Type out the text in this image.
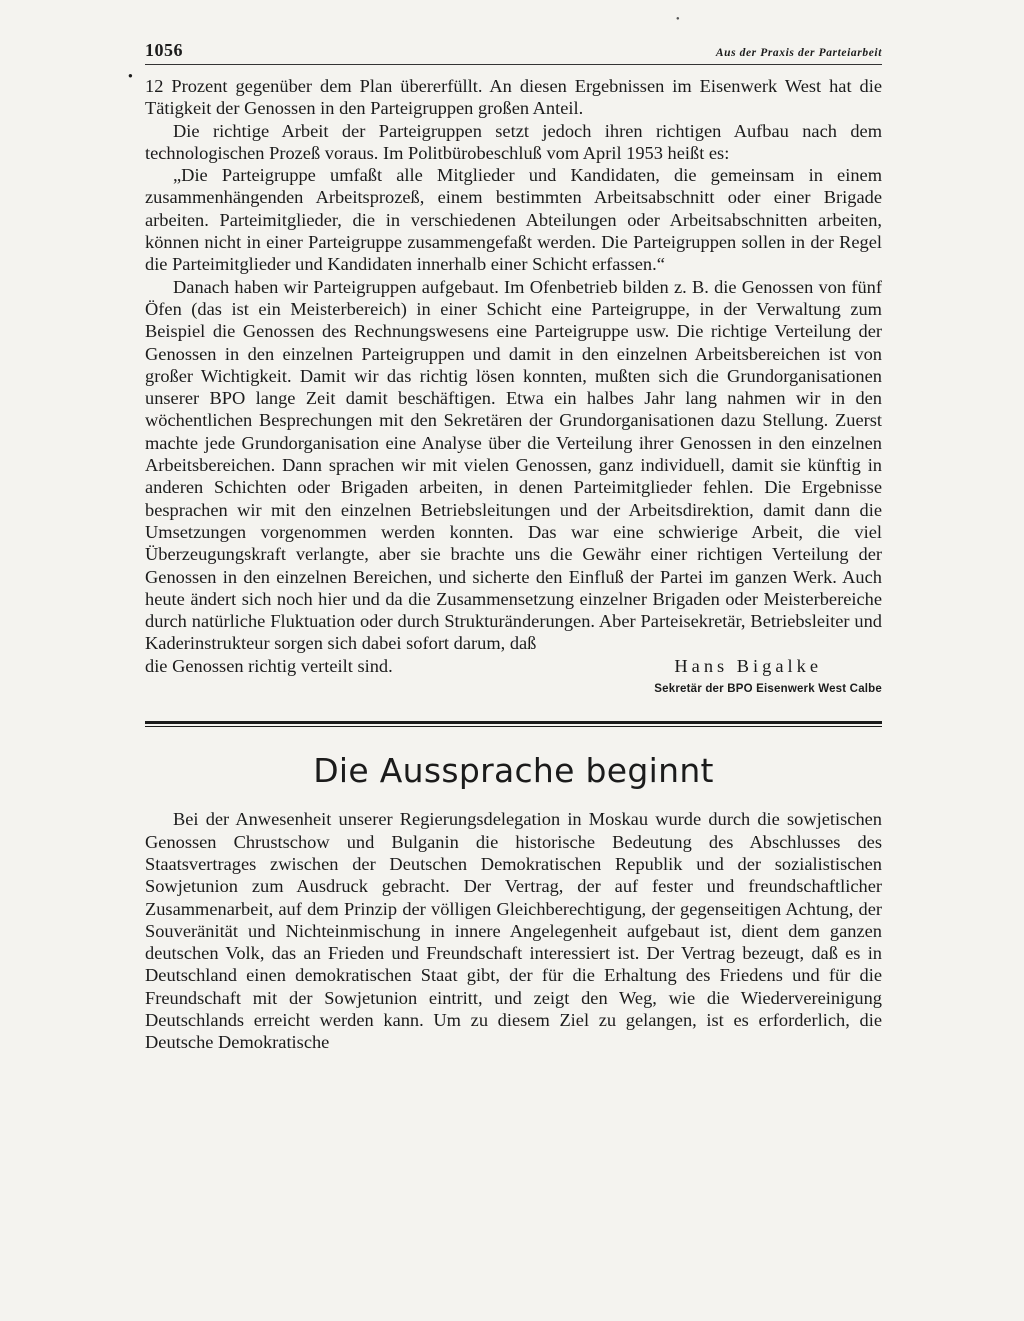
●
●
1056	Aus der Praxis der Parteiarbeit

12 Prozent gegenüber dem Plan übererfüllt. An diesen Ergebnissen im Eisenwerk West hat die Tätigkeit der Genossen in den Parteigruppen großen Anteil.

Die richtige Arbeit der Parteigruppen setzt jedoch ihren richtigen Aufbau nach dem technologischen Prozeß voraus. Im Politbürobeschluß vom April 1953 heißt es:

„Die Parteigruppe umfaßt alle Mitglieder und Kandidaten, die gemeinsam in einem zusammenhängenden Arbeitsprozeß, einem bestimmten Arbeitsabschnitt oder einer Brigade arbeiten. Parteimitglieder, die in verschiedenen Abteilungen oder Arbeitsabschnitten arbeiten, können nicht in einer Parteigruppe zusammengefaßt werden. Die Parteigruppen sollen in der Regel die Parteimitglieder und Kandidaten innerhalb einer Schicht erfassen.“

Danach haben wir Parteigruppen aufgebaut. Im Ofenbetrieb bilden z. B. die Genossen von fünf Öfen (das ist ein Meisterbereich) in einer Schicht eine Parteigruppe, in der Verwaltung zum Beispiel die Genossen des Rechnungswesens eine Parteigruppe usw. Die richtige Verteilung der Genossen in den einzelnen Parteigruppen und damit in den einzelnen Arbeitsbereichen ist von großer Wichtigkeit. Damit wir das richtig lösen konnten, mußten sich die Grundorganisationen unserer BPO lange Zeit damit beschäftigen. Etwa ein halbes Jahr lang nahmen wir in den wöchentlichen Besprechungen mit den Sekretären der Grundorganisationen dazu Stellung. Zuerst machte jede Grundorganisation eine Analyse über die Verteilung ihrer Genossen in den einzelnen Arbeitsbereichen. Dann sprachen wir mit vielen Genossen, ganz individuell, damit sie künftig in anderen Schichten oder Brigaden arbeiten, in denen Parteimitglieder fehlen. Die Ergebnisse besprachen wir mit den einzelnen Betriebsleitungen und der Arbeitsdirektion, damit dann die Umsetzungen vorgenommen werden konnten. Das war eine schwierige Arbeit, die viel Überzeugungskraft verlangte, aber sie brachte uns die Gewähr einer richtigen Verteilung der Genossen in den einzelnen Bereichen, und sicherte den Einfluß der Partei im ganzen Werk. Auch heute ändert sich noch hier und da die Zusammensetzung einzelner Brigaden oder Meisterbereiche durch natürliche Fluktuation oder durch Strukturänderungen. Aber Parteisekretär, Betriebsleiter und Kaderinstrukteur sorgen sich dabei sofort darum, daß

die Genossen richtig verteilt sind.	Hans Bigalke
Sekretär der BPO Eisenwerk West Calbe
Die Aussprache beginnt

Bei der Anwesenheit unserer Regierungsdelegation in Moskau wurde durch die sowjetischen Genossen Chrustschow und Bulganin die historische Bedeutung des Abschlusses des Staatsvertrages zwischen der Deutschen Demokratischen Republik und der sozialistischen Sowjetunion zum Ausdruck gebracht. Der Vertrag, der auf fester und freundschaftlicher Zusammenarbeit, auf dem Prinzip der völligen Gleichberechtigung, der gegenseitigen Achtung, der Souveränität und Nichteinmischung in innere Angelegenheit aufgebaut ist, dient dem ganzen deutschen Volk, das an Frieden und Freundschaft interessiert ist. Der Vertrag bezeugt, daß es in Deutschland einen demokratischen Staat gibt, der für die Erhaltung des Friedens und für die Freundschaft mit der Sowjetunion eintritt, und zeigt den Weg, wie die Wiedervereinigung Deutschlands erreicht werden kann. Um zu diesem Ziel zu gelangen, ist es erforderlich, die Deutsche Demokratische
